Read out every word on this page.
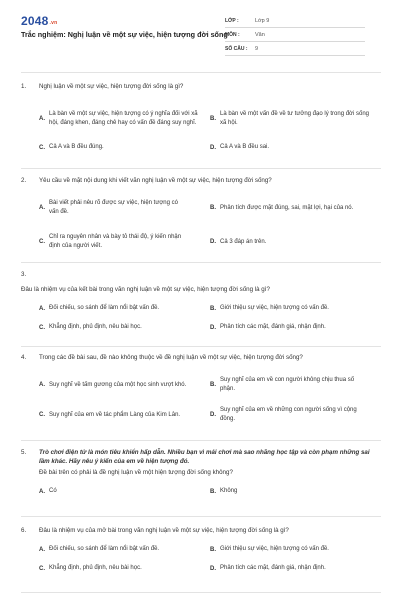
$2048^{.vn}$
Trắc nghiệm: Nghị luận về một sự việc, hiện tượng đời sống
LỚP :	Lớp 9
MÔN :	Văn
SỐ CÂU :	9
1.	Nghị luận về một sự việc, hiện tượng đời sống là gì?
A.
Là bàn về một sự việc, hiện tượng có ý nghĩa đối với xã hội, đáng khen, đáng chê hay có vấn đề đáng suy nghĩ.
B.
Là bàn về một vấn đề về tư tưởng đạo lý trong đời sống xã hội.
C. Cả A và B đều đúng.	D. Cả A và B đều sai.
2.	Yêu cầu về mặt nội dung khi viết văn nghị luận về một sự việc, hiện tượng đời sống?
A.
Bài viết phải nêu rõ được sự việc, hiện tượng có vấn đề.
B. Phân tích được mặt đúng, sai, mặt lợi, hại của nó.
C.
Chỉ ra nguyên nhân và bày tỏ thái độ, ý kiến nhận định của người viết.
D. Cả 3 đáp án trên.
3.
Đâu là nhiệm vụ của kết bài trong văn nghị luận về một sự việc, hiện tượng đời sống là gì?
A. Đối chiếu, so sánh để làm nổi bật vấn đề.	B. Giới thiệu sự việc, hiện tượng có vấn đề.
C. Khẳng định, phủ định, nêu bài học.	D. Phân tích các mặt, đánh giá, nhận định.
4.	Trong các đề bài sau, đề nào không thuộc về đề nghị luận về một sự việc, hiện tượng đời sống?
A. Suy nghĩ về tấm gương của một học sinh vượt khó.	B.
Suy nghĩ của em về con người không chịu thua số phận.
C. Suy nghĩ của em về tác phẩm Làng của Kim Lân.	D.
Suy nghĩ của em về những con người sống vì cộng đồng.
5.	Trò chơi điện tử là món tiêu khiển hấp dẫn. Nhiều bạn vì mải chơi mà sao nhãng học tập và còn phạm những sai lầm khác. Hãy nêu ý kiến của em về hiện tượng đó.
Đề bài trên có phải là đề nghị luận về một hiện tượng đời sống không?
A. Có	B. Không
6.	Đâu là nhiệm vụ của mở bài trong văn nghị luận về một sự việc, hiện tượng đời sống là gì?
A. Đối chiếu, so sánh để làm nổi bật vấn đề.	B. Giới thiệu sự việc, hiện tượng có vấn đề.
C. Khẳng định, phủ định, nêu bài học.	D. Phân tích các mặt, đánh giá, nhận định.
